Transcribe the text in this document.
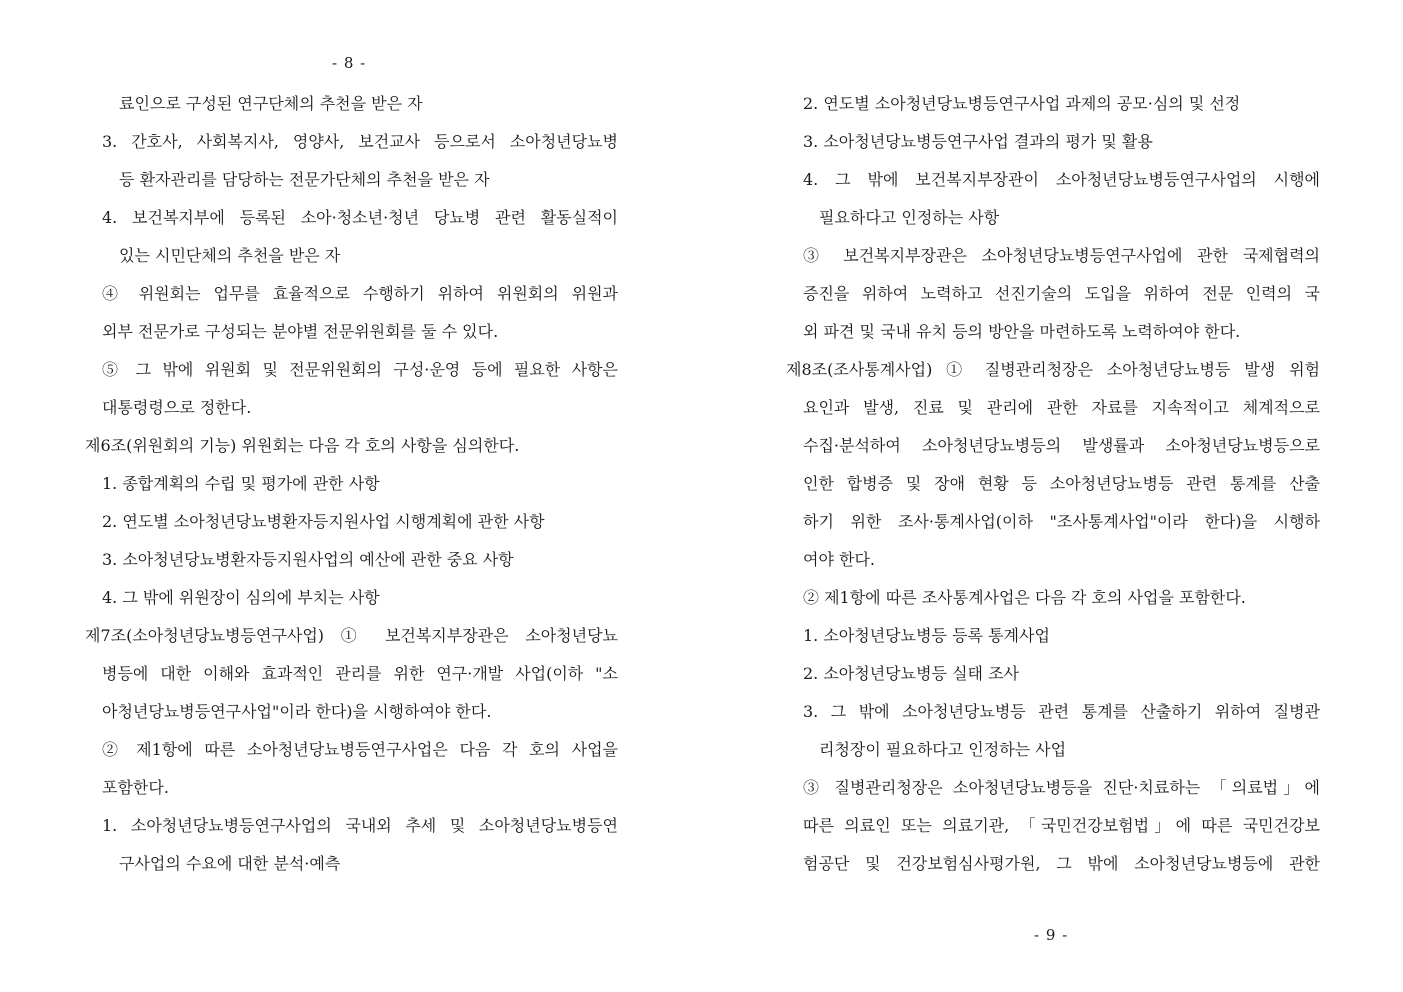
- 8 -
료인으로 구성된 연구단체의 추천을 받은 자
3. 간호사, 사회복지사, 영양사, 보건교사 등으로서 소아청년당뇨병
등 환자관리를 담당하는 전문가단체의 추천을 받은 자
4. 보건복지부에 등록된 소아·청소년·청년 당뇨병 관련 활동실적이
있는 시민단체의 추천을 받은 자
④ 위원회는 업무를 효율적으로 수행하기 위하여 위원회의 위원과
외부 전문가로 구성되는 분야별 전문위원회를 둘 수 있다.
⑤ 그 밖에 위원회 및 전문위원회의 구성·운영 등에 필요한 사항은
대통령령으로 정한다.
제6조(위원회의 기능) 위원회는 다음 각 호의 사항을 심의한다.
1. 종합계획의 수립 및 평가에 관한 사항
2. 연도별 소아청년당뇨병환자등지원사업 시행계획에 관한 사항
3. 소아청년당뇨병환자등지원사업의 예산에 관한 중요 사항
4. 그 밖에 위원장이 심의에 부치는 사항
제7조(소아청년당뇨병등연구사업) ① 보건복지부장관은 소아청년당뇨
병등에 대한 이해와 효과적인 관리를 위한 연구·개발 사업(이하 "소
아청년당뇨병등연구사업"이라 한다)을 시행하여야 한다.
② 제1항에 따른 소아청년당뇨병등연구사업은 다음 각 호의 사업을
포함한다.
1. 소아청년당뇨병등연구사업의 국내외 추세 및 소아청년당뇨병등연
구사업의 수요에 대한 분석·예측
2. 연도별 소아청년당뇨병등연구사업 과제의 공모·심의 및 선정
3. 소아청년당뇨병등연구사업 결과의 평가 및 활용
4. 그 밖에 보건복지부장관이 소아청년당뇨병등연구사업의 시행에
필요하다고 인정하는 사항
③ 보건복지부장관은 소아청년당뇨병등연구사업에 관한 국제협력의
증진을 위하여 노력하고 선진기술의 도입을 위하여 전문 인력의 국
외 파견 및 국내 유치 등의 방안을 마련하도록 노력하여야 한다.
제8조(조사통계사업) ① 질병관리청장은 소아청년당뇨병등 발생 위험
요인과 발생, 진료 및 관리에 관한 자료를 지속적이고 체계적으로
수집·분석하여 소아청년당뇨병등의 발생률과 소아청년당뇨병등으로
인한 합병증 및 장애 현황 등 소아청년당뇨병등 관련 통계를 산출
하기 위한 조사·통계사업(이하 "조사통계사업"이라 한다)을 시행하
여야 한다.
② 제1항에 따른 조사통계사업은 다음 각 호의 사업을 포함한다.
1. 소아청년당뇨병등 등록 통계사업
2. 소아청년당뇨병등 실태 조사
3. 그 밖에 소아청년당뇨병등 관련 통계를 산출하기 위하여 질병관
리청장이 필요하다고 인정하는 사업
③ 질병관리청장은 소아청년당뇨병등을 진단·치료하는 「의료법」에
따른 의료인 또는 의료기관, 「국민건강보험법」에 따른 국민건강보
험공단 및 건강보험심사평가원, 그 밖에 소아청년당뇨병등에 관한
- 9 -
